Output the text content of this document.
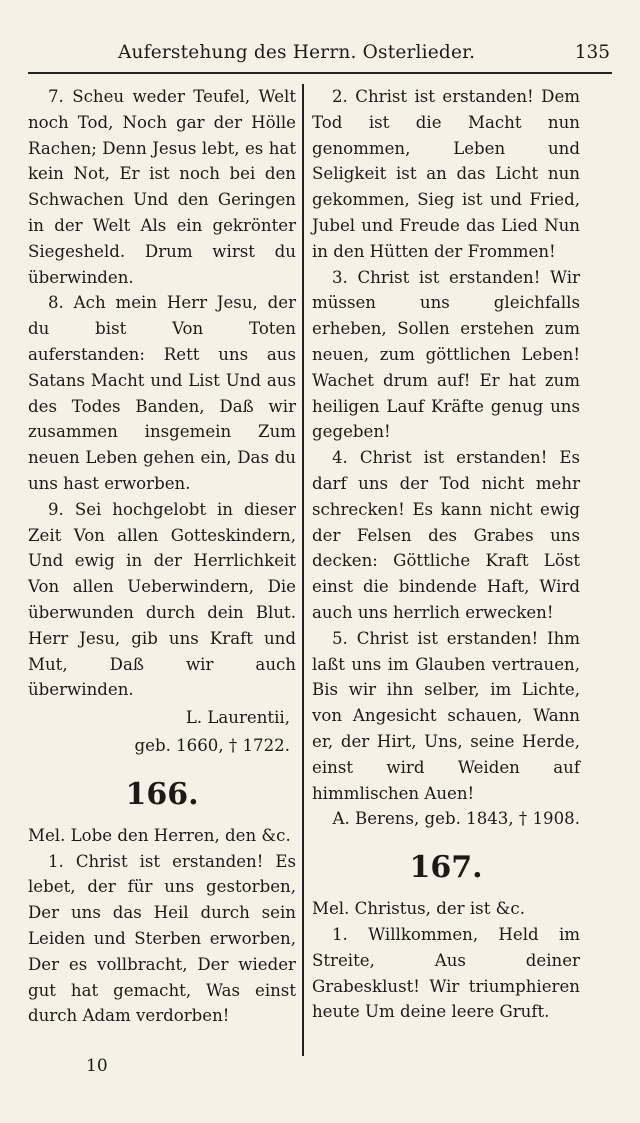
Auferstehung des Herrn. Osterlieder.	135

7. Scheu weder Teufel, Welt noch Tod, Noch gar der Hölle Rachen; Denn Jesus lebt, es hat kein Not, Er ist noch bei den Schwachen Und den Geringen in der Welt Als ein gekrönter Siegesheld. Drum wirst du überwinden.

8. Ach mein Herr Jesu, der du bist Von Toten auferstanden: Rett uns aus Satans Macht und List Und aus des Todes Banden, Daß wir zusammen insgemein Zum neuen Leben gehen ein, Das du uns hast erworben.

9. Sei hochgelobt in dieser Zeit Von allen Gotteskindern, Und ewig in der Herrlichkeit Von allen Ueberwindern, Die überwunden durch dein Blut. Herr Jesu, gib uns Kraft und Mut, Daß wir auch überwinden.

L. Laurentii,

geb. 1660, † 1722.

166.

Mel. Lobe den Herren, den &c.

1. Christ ist erstanden! Es lebet, der für uns gestorben, Der uns das Heil durch sein Leiden und Sterben erworben, Der es vollbracht, Der wieder gut hat gemacht, Was einst durch Adam verdorben!

2. Christ ist erstanden! Dem Tod ist die Macht nun genommen, Leben und Seligkeit ist an das Licht nun gekommen, Sieg ist und Fried, Jubel und Freude das Lied Nun in den Hütten der Frommen!

3. Christ ist erstanden! Wir müssen uns gleichfalls erheben, Sollen erstehen zum neuen, zum göttlichen Leben! Wachet drum auf! Er hat zum heiligen Lauf Kräfte genug uns gegeben!

4. Christ ist erstanden! Es darf uns der Tod nicht mehr schrecken! Es kann nicht ewig der Felsen des Grabes uns decken: Göttliche Kraft Löst einst die bindende Haft, Wird auch uns herrlich erwecken!

5. Christ ist erstanden! Ihm laßt uns im Glauben vertrauen, Bis wir ihn selber, im Lichte, von Angesicht schauen, Wann er, der Hirt, Uns, seine Herde, einst wird Weiden auf himmlischen Auen!

A. Berens, geb. 1843, † 1908.

167.

Mel. Christus, der ist &c.

1. Willkommen, Held im Streite, Aus deiner Grabesklust! Wir triumphieren heute Um deine leere Gruft.

10
